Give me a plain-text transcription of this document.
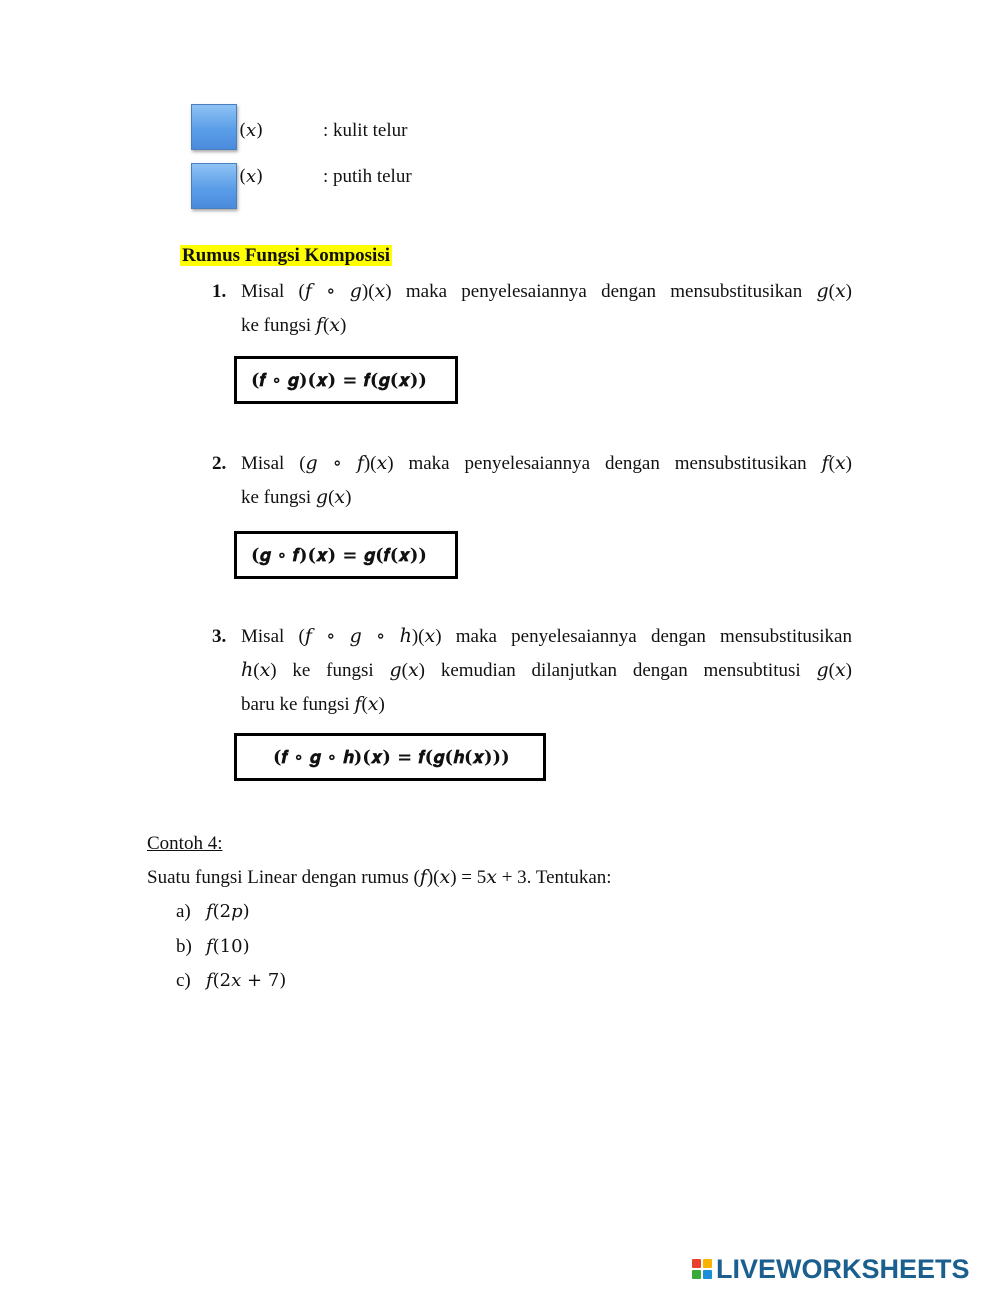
(𝑥)	: kulit telur
(𝑥)	: putih telur
Rumus Fungsi Komposisi
1. Misal (𝑓 ∘ 𝑔)(𝑥) maka penyelesaiannya dengan mensubstitusikan 𝑔(𝑥)
ke fungsi 𝑓(𝑥)
(𝒇 ∘ 𝒈)(𝒙) = 𝒇(𝒈(𝒙))
2. Misal (𝑔 ∘ 𝑓)(𝑥) maka penyelesaiannya dengan mensubstitusikan 𝑓(𝑥)
ke fungsi 𝑔(𝑥)
(𝒈 ∘ 𝒇)(𝒙) = 𝒈(𝒇(𝒙))
3. Misal (𝑓 ∘ 𝑔 ∘ ℎ)(𝑥) maka penyelesaiannya dengan mensubstitusikan
ℎ(𝑥) ke fungsi 𝑔(𝑥) kemudian dilanjutkan dengan mensubtitusi 𝑔(𝑥)
baru ke fungsi 𝑓(𝑥)
(𝒇 ∘ 𝒈 ∘ 𝒉)(𝒙) = 𝒇(𝒈(𝒉(𝒙)))
Contoh 4:
Suatu fungsi Linear dengan rumus (𝑓)(𝑥) = 5𝑥 + 3. Tentukan:
a) 𝑓(2𝑝)
b) 𝑓(10)
c) 𝑓(2𝑥 + 7)
LIVEWORKSHEETS
